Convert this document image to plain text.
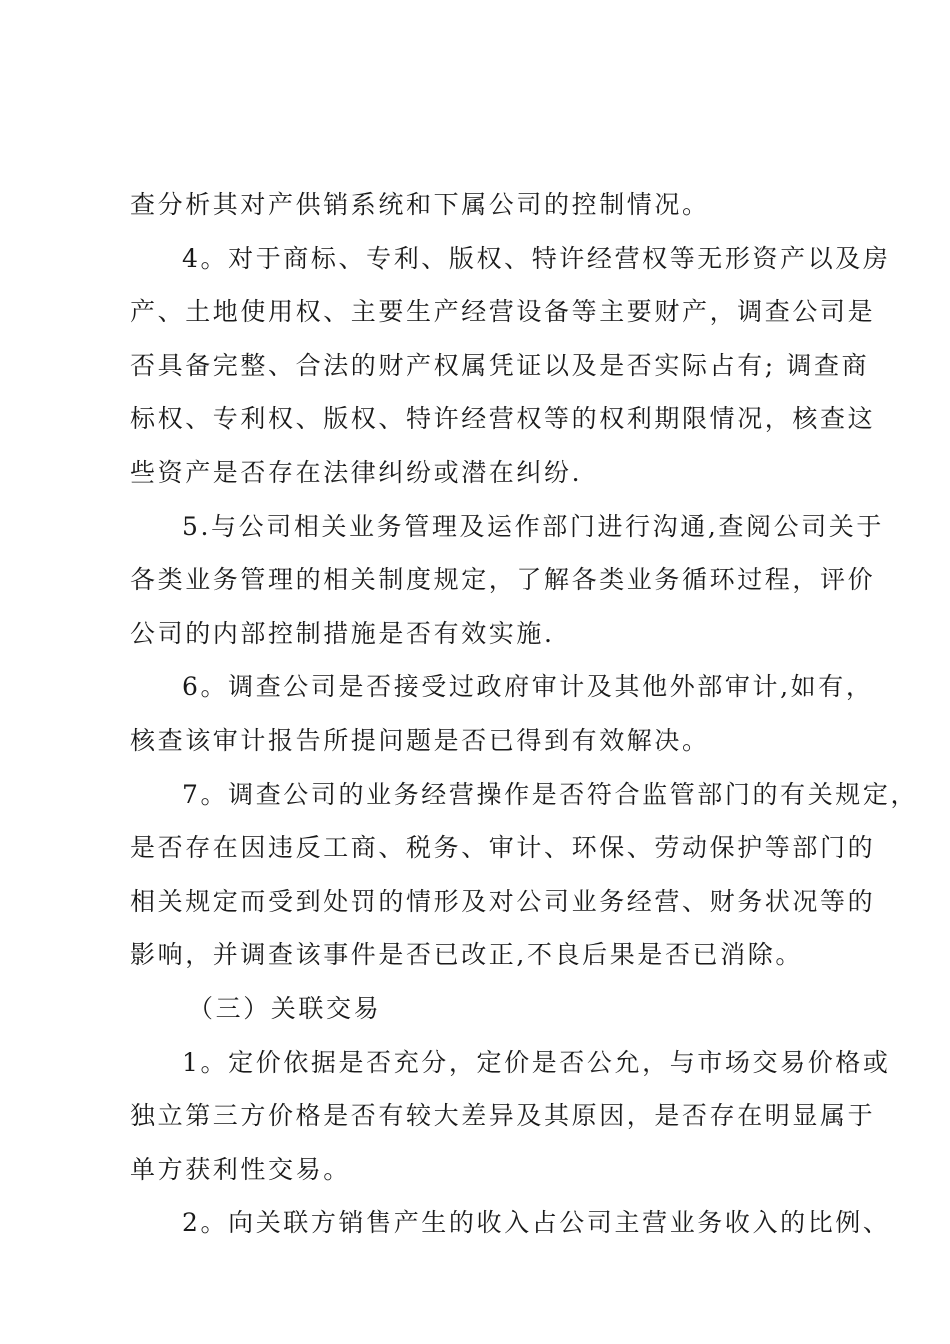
查分析其对产供销系统和下属公司的控制情况。
4。对于商标、专利、版权、特许经营权等无形资产以及房
产、土地使用权、主要生产经营设备等主要财产，调查公司是
否具备完整、合法的财产权属凭证以及是否实际占有; 调查商
标权、专利权、版权、特许经营权等的权利期限情况，核查这
些资产是否存在法律纠纷或潜在纠纷.
5.与公司相关业务管理及运作部门进行沟通,查阅公司关于
各类业务管理的相关制度规定，了解各类业务循环过程，评价
公司的内部控制措施是否有效实施.
6。调查公司是否接受过政府审计及其他外部审计,如有，
核查该审计报告所提问题是否已得到有效解决。
7。调查公司的业务经营操作是否符合监管部门的有关规定，
是否存在因违反工商、税务、审计、环保、劳动保护等部门的
相关规定而受到处罚的情形及对公司业务经营、财务状况等的
影响，并调查该事件是否已改正,不良后果是否已消除。
（三）关联交易
1。定价依据是否充分，定价是否公允，与市场交易价格或
独立第三方价格是否有较大差异及其原因，是否存在明显属于
单方获利性交易。
2。向关联方销售产生的收入占公司主营业务收入的比例、
